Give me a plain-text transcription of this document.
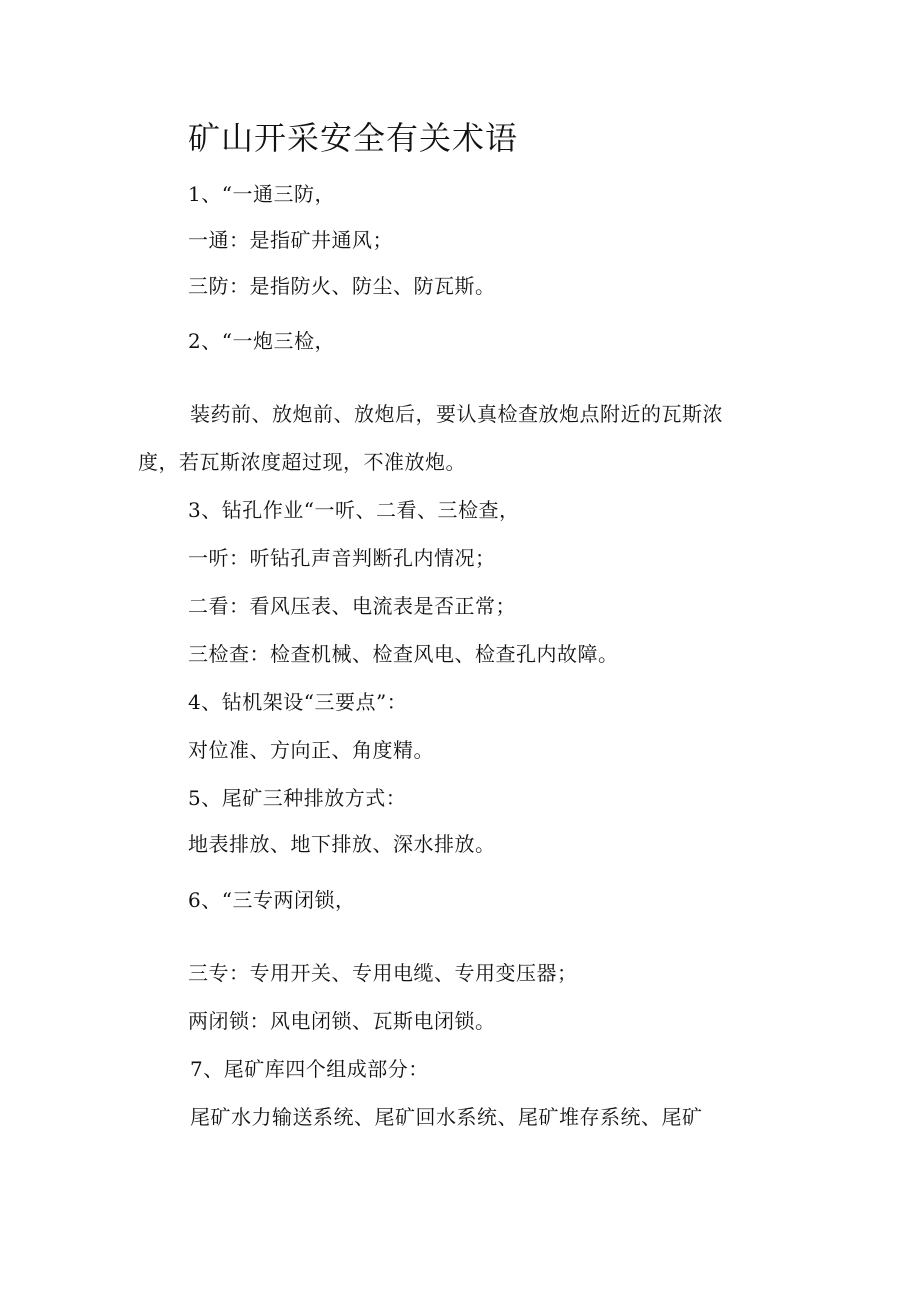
矿山开采安全有关术语
1、“一通三防，
一通：是指矿井通风；
三防：是指防火、防尘、防瓦斯。
2、“一炮三检，
装药前、放炮前、放炮后，要认真检查放炮点附近的瓦斯浓
度，若瓦斯浓度超过现，不准放炮。
3、钻孔作业“一听、二看、三检查，
一听：听钻孔声音判断孔内情况；
二看：看风压表、电流表是否正常；
三检查：检查机械、检查风电、检查孔内故障。
4、钻机架设“三要点”：
对位准、方向正、角度精。
5、尾矿三种排放方式：
地表排放、地下排放、深水排放。
6、“三专两闭锁，
三专：专用开关、专用电缆、专用变压器；
两闭锁：风电闭锁、瓦斯电闭锁。
7、尾矿库四个组成部分：
尾矿水力输送系统、尾矿回水系统、尾矿堆存系统、尾矿
